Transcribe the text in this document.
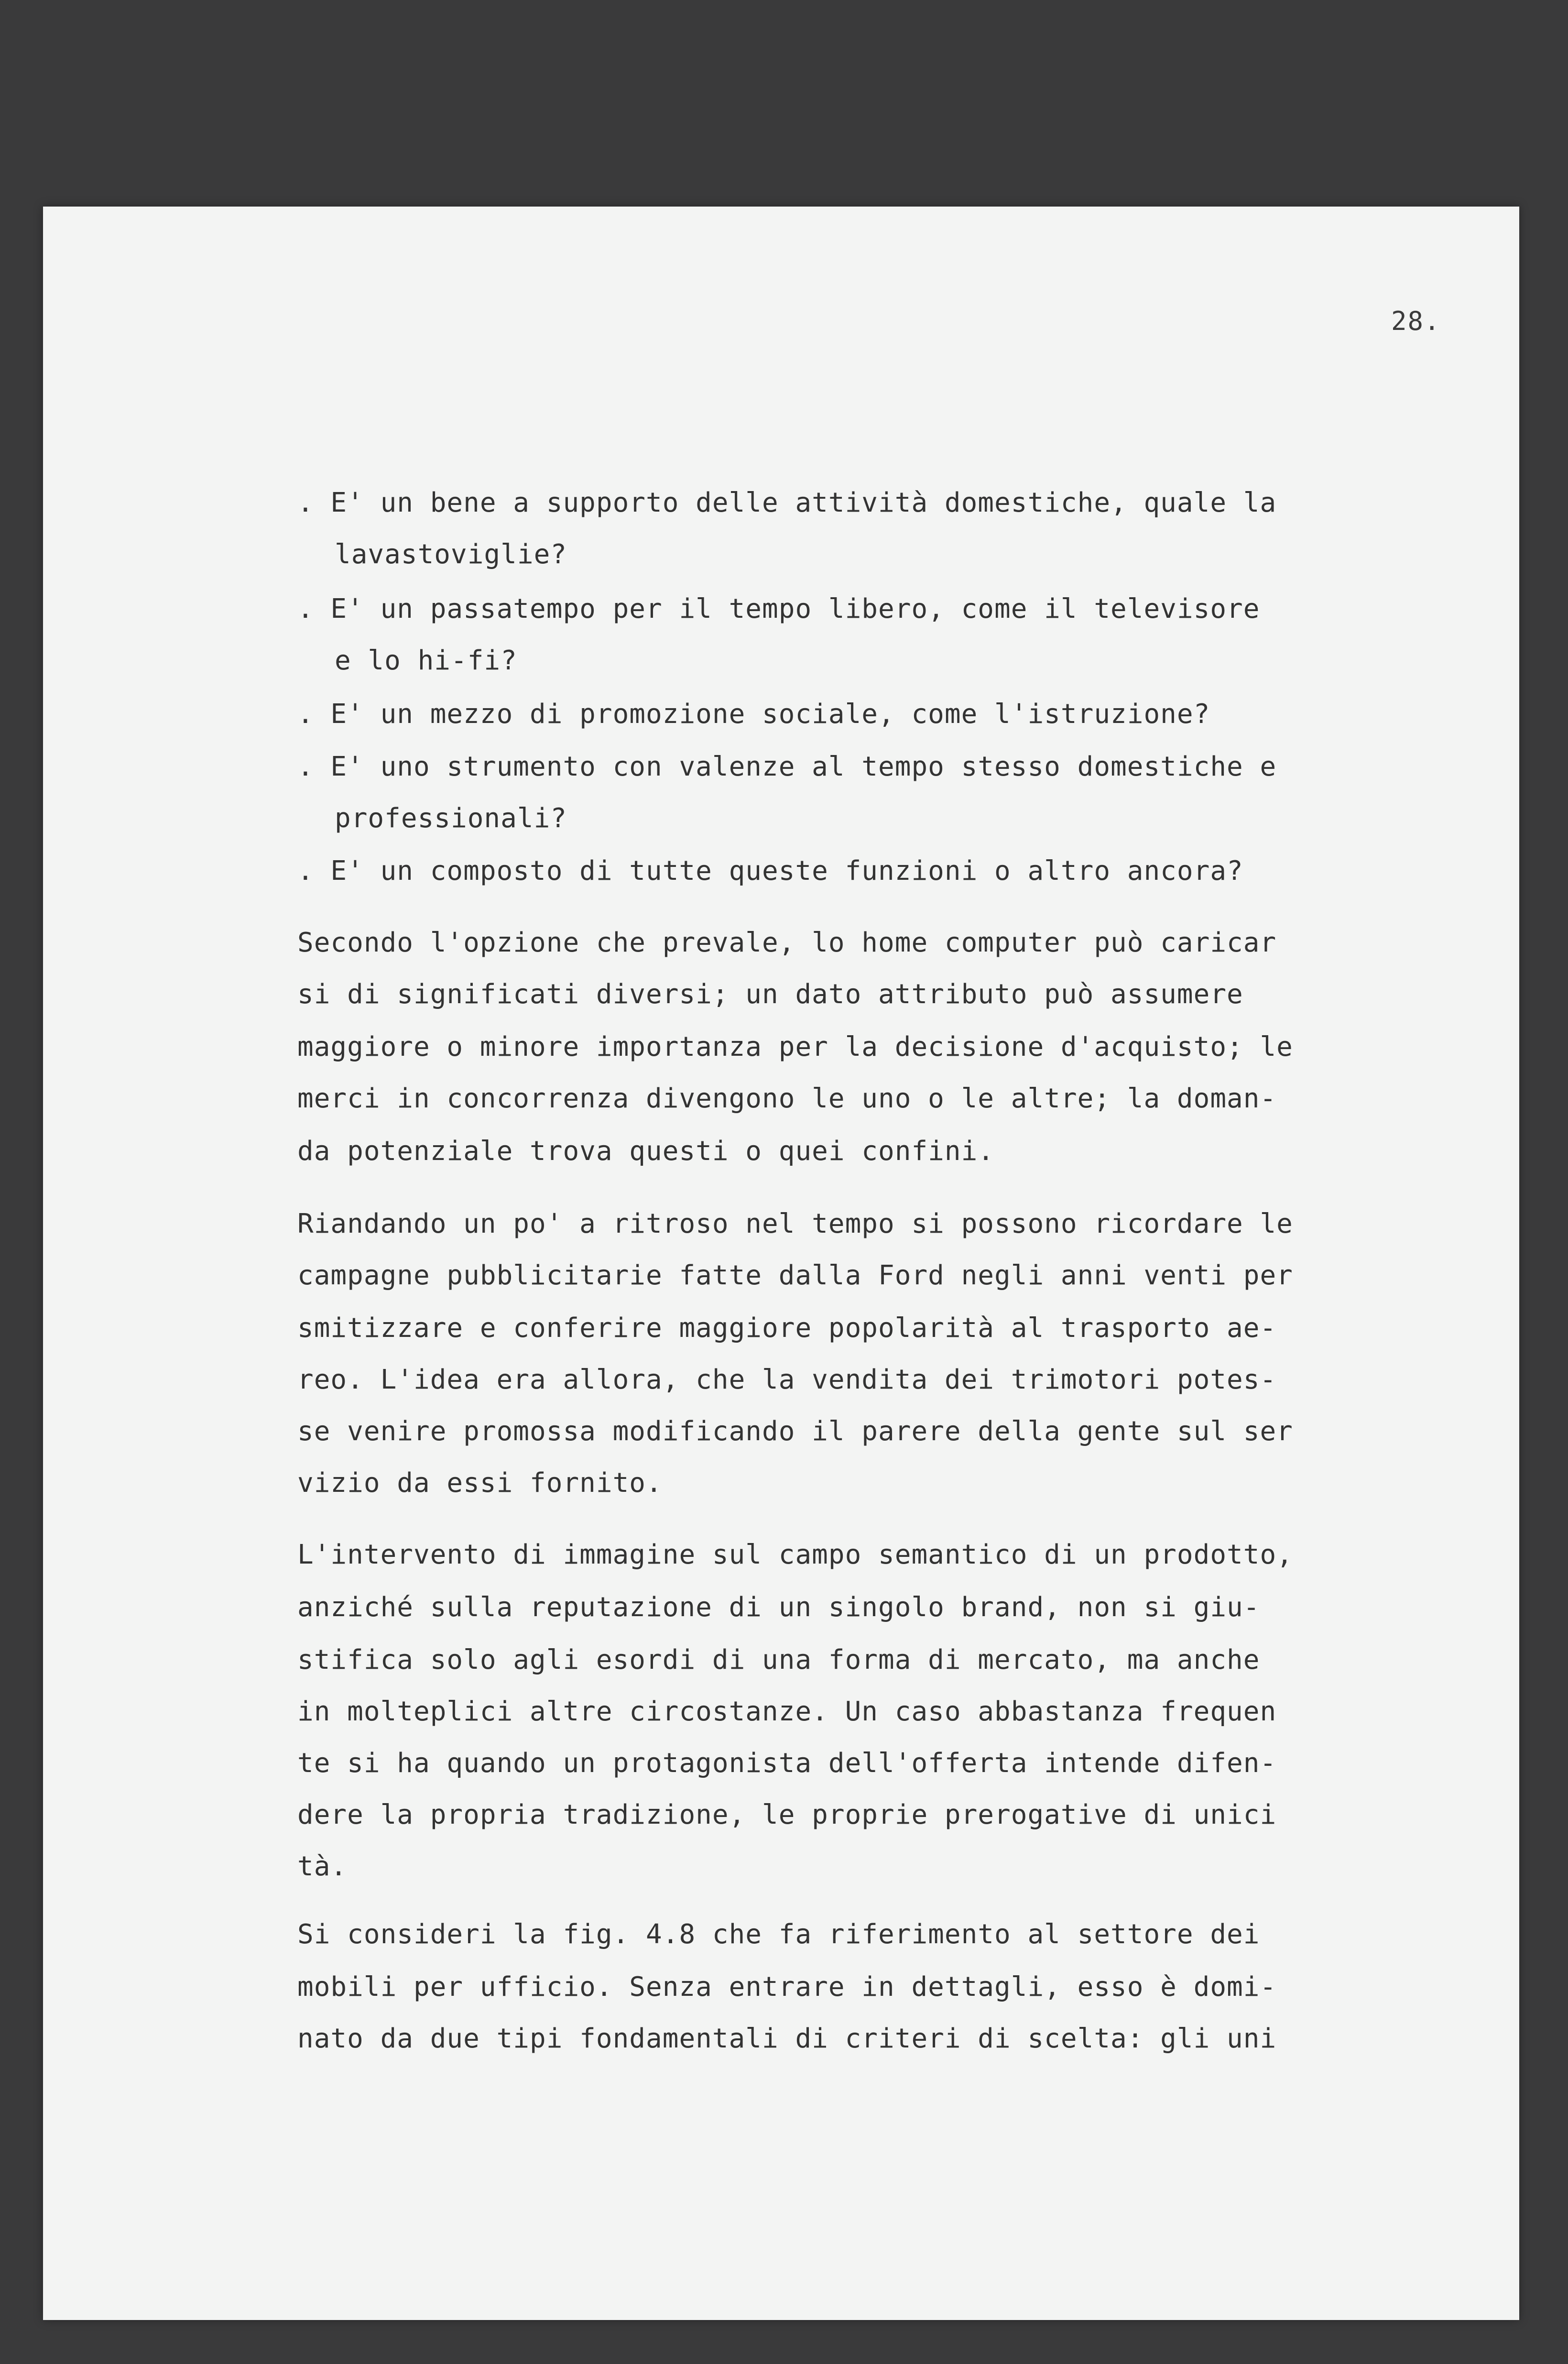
28.
. E' un bene a supporto delle attività domestiche, quale la
lavastoviglie?
. E' un passatempo per il tempo libero, come il televisore
e lo hi-fi?
. E' un mezzo di promozione sociale, come l'istruzione?
. E' uno strumento con valenze al tempo stesso domestiche e
professionali?
. E' un composto di tutte queste funzioni o altro ancora?
Secondo l'opzione che prevale, lo home computer può caricar
si di significati diversi; un dato attributo può assumere
maggiore o minore importanza per la decisione d'acquisto; le
merci in concorrenza divengono le uno o le altre; la doman-
da potenziale trova questi o quei confini.
Riandando un po' a ritroso nel tempo si possono ricordare le
campagne pubblicitarie fatte dalla Ford negli anni venti per
smitizzare e conferire maggiore popolarità al trasporto ae-
reo. L'idea era allora, che la vendita dei trimotori potes-
se venire promossa modificando il parere della gente sul ser
vizio da essi fornito.
L'intervento di immagine sul campo semantico di un prodotto,
anziché sulla reputazione di un singolo brand, non si giu-
stifica solo agli esordi di una forma di mercato, ma anche
in molteplici altre circostanze. Un caso abbastanza frequen
te si ha quando un protagonista dell'offerta intende difen-
dere la propria tradizione, le proprie prerogative di unici
tà.
Si consideri la fig. 4.8 che fa riferimento al settore dei
mobili per ufficio. Senza entrare in dettagli, esso è domi-
nato da due tipi fondamentali di criteri di scelta: gli uni
